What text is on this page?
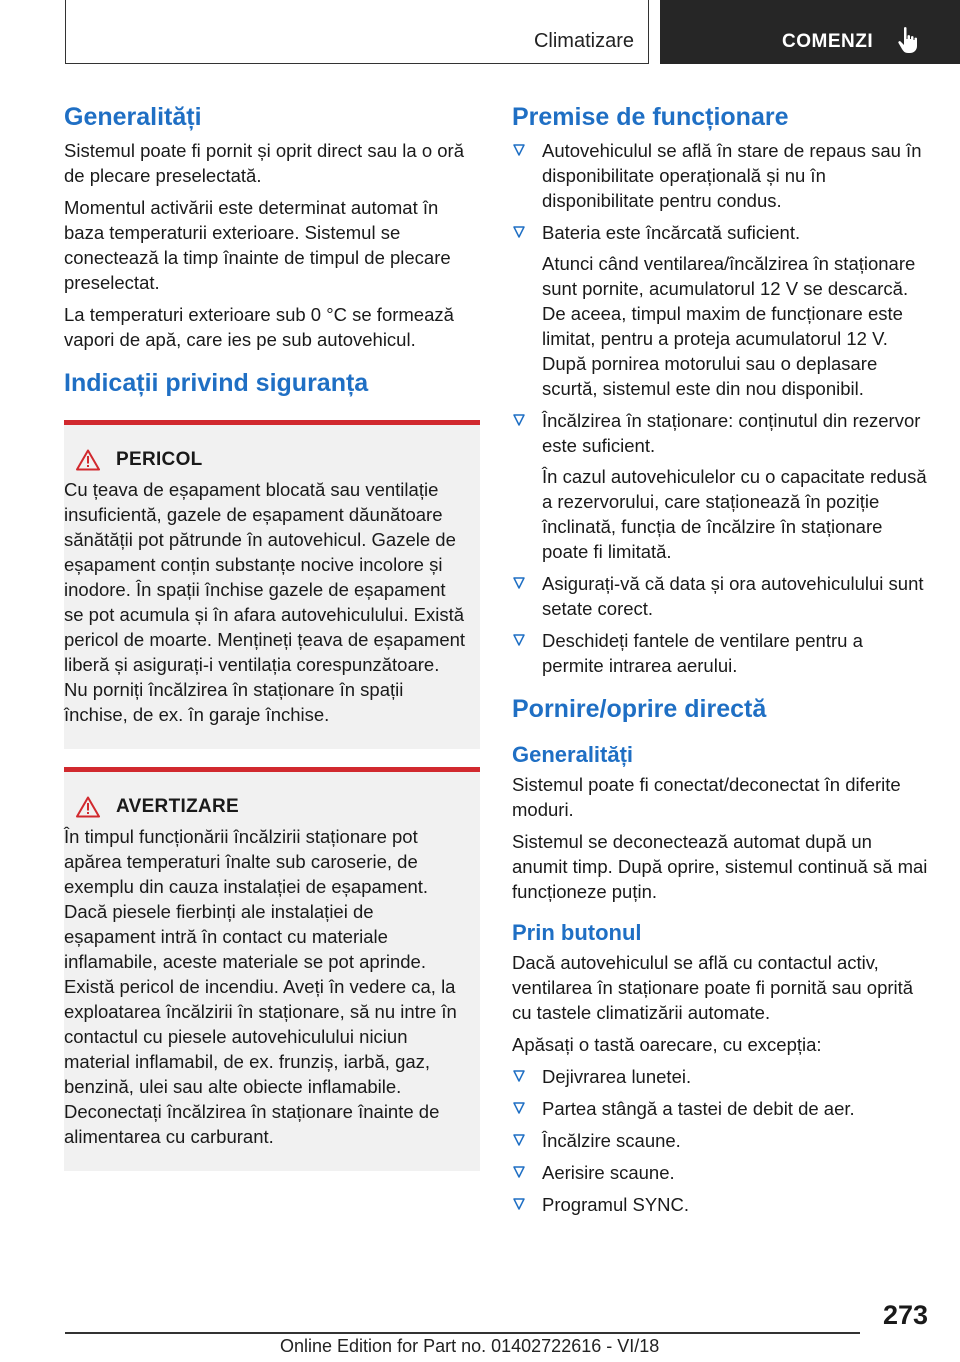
Climatizare	COMENZI
Generalități

Sistemul poate fi pornit și oprit direct sau la o oră de plecare preselectată.

Momentul activării este determinat automat în baza temperaturii exterioare. Sistemul se conectează la timp înainte de timpul de plecare preselectat.

La temperaturi exterioare sub 0 °C se formează vapori de apă, care ies pe sub autovehicul.

Indicații privind siguranța
PERICOL

Cu țeava de eșapament blocată sau ventilație insuficientă, gazele de eșapament dăunătoare sănătății pot pătrunde în autovehicul. Gazele de eșapament conțin substanțe nocive incolore și inodore. În spații închise gazele de eșapament se pot acumula și în afara autovehiculului. Există pericol de moarte. Mențineți țeava de eșapament liberă și asigurați-i ventilația corespunzătoare. Nu porniți încălzirea în staționare în spații închise, de ex. în garaje închise.

AVERTIZARE

În timpul funcționării încălzirii staționare pot apărea temperaturi înalte sub caroserie, de exemplu din cauza instalației de eșapament. Dacă piesele fierbinți ale instalației de eșapament intră în contact cu materiale inflamabile, aceste materiale se pot aprinde. Există pericol de incendiu. Aveți în vedere ca, la exploatarea încălzirii în staționare, să nu intre în contactul cu piesele autovehiculului niciun material inflamabil, de ex. frunziș, iarbă, gaz, benzină, ulei sau alte obiecte inflamabile. Deconectați încălzirea în staționare înainte de alimentarea cu carburant.

Premise de funcționare

Autovehiculul se află în stare de repaus sau în disponibilitate operațională și nu în disponibilitate pentru condus.

Bateria este încărcată suficient.

Atunci când ventilarea/încălzirea în staționare sunt pornite, acumulatorul 12 V se descarcă. De aceea, timpul maxim de funcționare este limitat, pentru a proteja acumulatorul 12 V. După pornirea motorului sau o deplasare scurtă, sistemul este din nou disponibil.

Încălzirea în staționare: conținutul din rezervor este suficient.

În cazul autovehiculelor cu o capacitate redusă a rezervorului, care staționează în poziție înclinată, funcția de încălzire în staționare poate fi limitată.

Asigurați-vă că data și ora autovehiculului sunt setate corect.

Deschideți fantele de ventilare pentru a permite intrarea aerului.

Pornire/oprire directă
Generalități

Sistemul poate fi conectat/deconectat în diferite moduri.

Sistemul se deconectează automat după un anumit timp. După oprire, sistemul continuă să mai funcționeze puțin.

Prin butonul

Dacă autovehiculul se află cu contactul activ, ventilarea în staționare poate fi pornită sau oprită cu tastele climatizării automate.

Apăsați o tastă oarecare, cu excepția:

Dejivrarea lunetei.

Partea stângă a tastei de debit de aer.

Încălzire scaune.

Aerisire scaune.

Programul SYNC.

273
Online Edition for Part no. 01402722616 - VI/18
